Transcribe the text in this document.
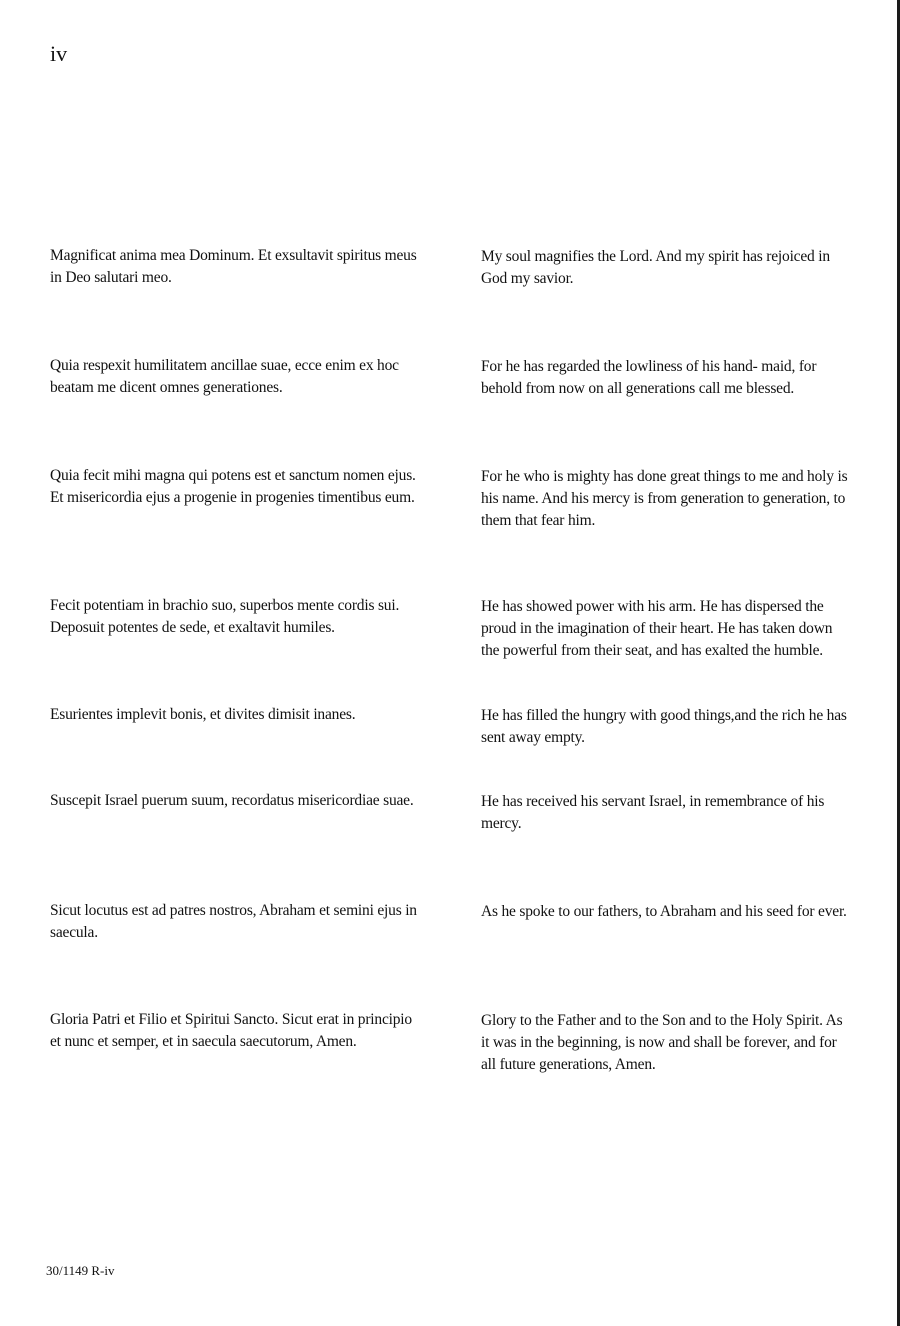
iv
Magnificat anima mea Dominum. Et exsultavit spiritus meus in Deo salutari meo.
My soul magnifies the Lord. And my spirit has rejoiced in God my savior.
Quia respexit humilitatem ancillae suae, ecce enim ex hoc beatam me dicent omnes generationes.
For he has regarded the lowliness of his hand- maid, for behold from now on all generations call me blessed.
Quia fecit mihi magna qui potens est et sanctum nomen ejus. Et misericordia ejus a progenie in progenies timentibus eum.
For he who is mighty has done great things to me and holy is his name. And his mercy is from generation to generation, to them that fear him.
Fecit potentiam in brachio suo, superbos mente cordis sui. Deposuit potentes de sede, et exaltavit humiles.
He has showed power with his arm. He has dispersed the proud in the imagination of their heart. He has taken down the powerful from their seat, and has exalted the humble.
Esurientes implevit bonis, et divites dimisit inanes.	He has filled the hungry with good things,and the rich he has sent away empty.
Suscepit Israel puerum suum, recordatus misericordiae suae.	He has received his servant Israel, in remembrance of his mercy.
Sicut locutus est ad patres nostros, Abraham et semini ejus in saecula.
As he spoke to our fathers, to Abraham and his seed for ever.
Gloria Patri et Filio et Spiritui Sancto. Sicut erat in principio et nunc et semper, et in saecula saecutorum, Amen.
Glory to the Father and to the Son and to the Holy Spirit. As it was in the beginning, is now and shall be forever, and for all future generations, Amen.
30/1149 R-iv
